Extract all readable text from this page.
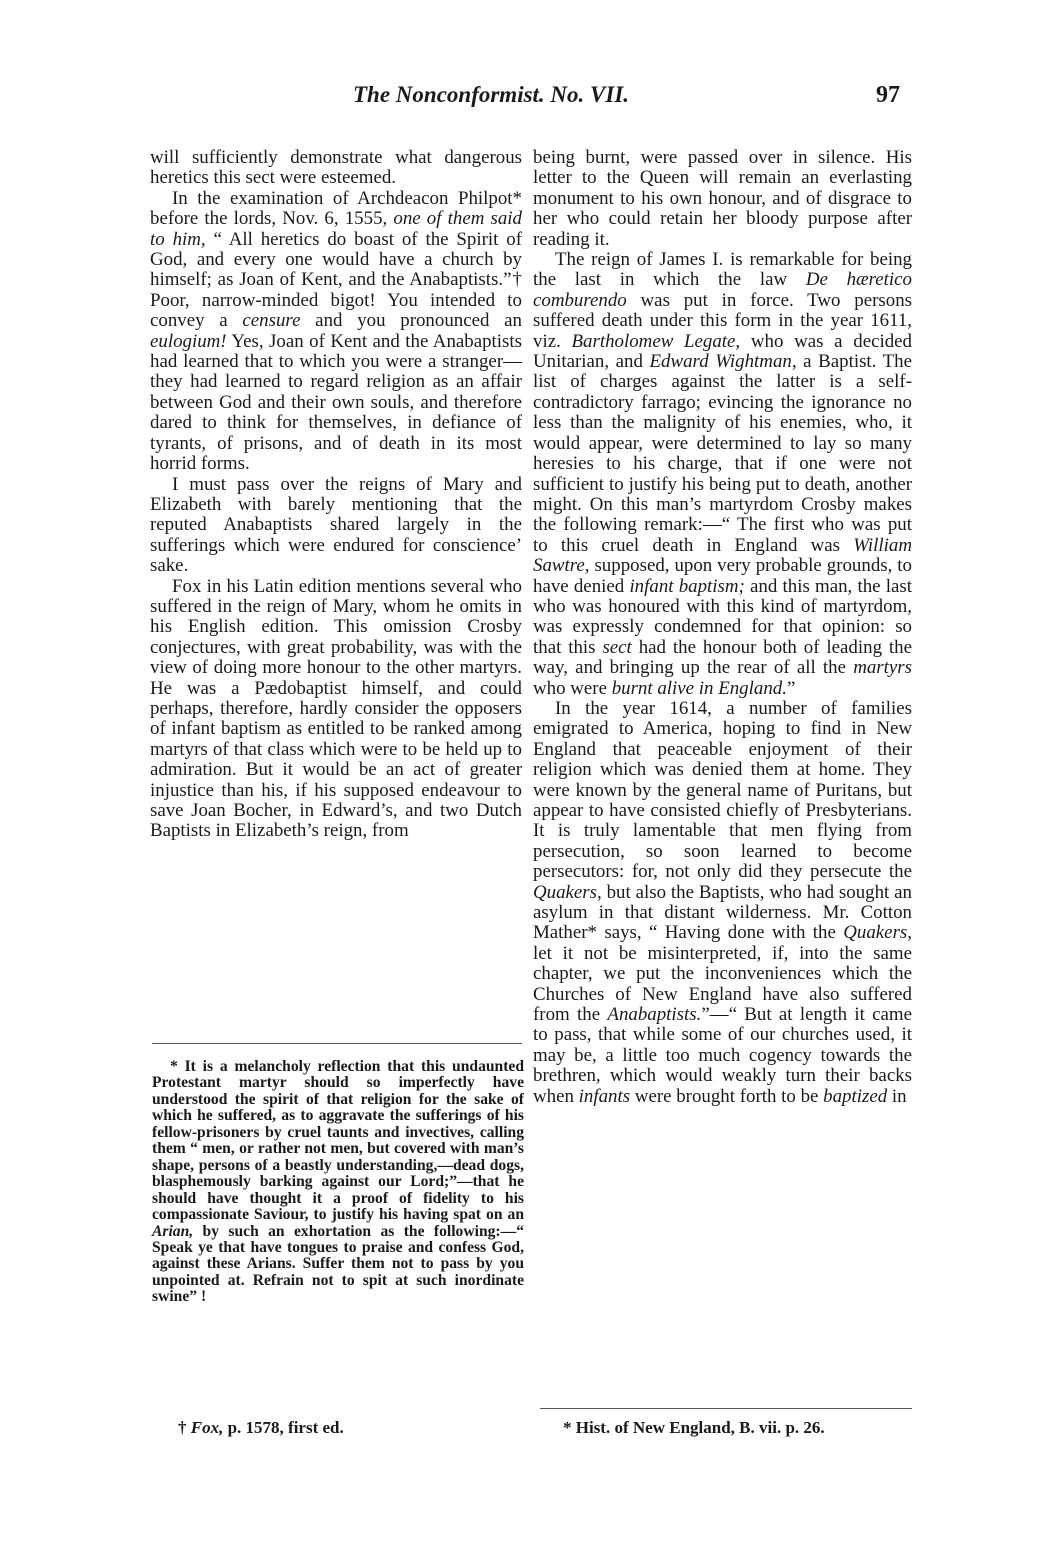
The Nonconformist. No. VII.	97

will sufficiently demonstrate what dangerous heretics this sect were esteemed.

In the examination of Archdeacon Philpot* before the lords, Nov. 6, 1555, one of them said to him, “ All heretics do boast of the Spirit of God, and every one would have a church by himself; as Joan of Kent, and the Anabaptists.”† Poor, narrow-minded bigot! You intended to convey a censure and you pronounced an eulogium! Yes, Joan of Kent and the Anabaptists had learned that to which you were a stranger—they had learned to regard religion as an affair between God and their own souls, and therefore dared to think for themselves, in defiance of tyrants, of prisons, and of death in its most horrid forms.

I must pass over the reigns of Mary and Elizabeth with barely mentioning that the reputed Anabaptists shared largely in the sufferings which were endured for conscience’ sake.

Fox in his Latin edition mentions several who suffered in the reign of Mary, whom he omits in his English edition. This omission Crosby conjectures, with great probability, was with the view of doing more honour to the other martyrs. He was a Pædobaptist himself, and could perhaps, therefore, hardly consider the opposers of infant baptism as entitled to be ranked among martyrs of that class which were to be held up to admiration. But it would be an act of greater injustice than his, if his supposed endeavour to save Joan Bocher, in Edward’s, and two Dutch Baptists in Elizabeth’s reign, from

* It is a melancholy reflection that this undaunted Protestant martyr should so imperfectly have understood the spirit of that religion for the sake of which he suffered, as to aggravate the sufferings of his fellow-prisoners by cruel taunts and invectives, calling them “ men, or rather not men, but covered with man’s shape, persons of a beastly understanding,—dead dogs, blasphemously barking against our Lord;”—that he should have thought it a proof of fidelity to his compassionate Saviour, to justify his having spat on an Arian, by such an exhortation as the following:—“ Speak ye that have tongues to praise and confess God, against these Arians. Suffer them not to pass by you unpointed at. Refrain not to spit at such inordinate swine” !

† Fox, p. 1578, first ed.

being burnt, were passed over in silence. His letter to the Queen will remain an everlasting monument to his own honour, and of disgrace to her who could retain her bloody purpose after reading it.

The reign of James I. is remarkable for being the last in which the law De hæretico comburendo was put in force. Two persons suffered death under this form in the year 1611, viz. Bartholomew Legate, who was a decided Unitarian, and Edward Wightman, a Baptist. The list of charges against the latter is a self-contradictory farrago; evincing the ignorance no less than the malignity of his enemies, who, it would appear, were determined to lay so many heresies to his charge, that if one were not sufficient to justify his being put to death, another might. On this man’s martyrdom Crosby makes the following remark:—“ The first who was put to this cruel death in England was William Sawtre, supposed, upon very probable grounds, to have denied infant baptism; and this man, the last who was honoured with this kind of martyrdom, was expressly condemned for that opinion: so that this sect had the honour both of leading the way, and bringing up the rear of all the martyrs who were burnt alive in England.”

In the year 1614, a number of families emigrated to America, hoping to find in New England that peaceable enjoyment of their religion which was denied them at home. They were known by the general name of Puritans, but appear to have consisted chiefly of Presbyterians. It is truly lamentable that men flying from persecution, so soon learned to become persecutors: for, not only did they persecute the Quakers, but also the Baptists, who had sought an asylum in that distant wilderness. Mr. Cotton Mather* says, “ Having done with the Quakers, let it not be misinterpreted, if, into the same chapter, we put the inconveniences which the Churches of New England have also suffered from the Anabaptists.”—“ But at length it came to pass, that while some of our churches used, it may be, a little too much cogency towards the brethren, which would weakly turn their backs when infants were brought forth to be baptized in

* Hist. of New England, B. vii. p. 26.
